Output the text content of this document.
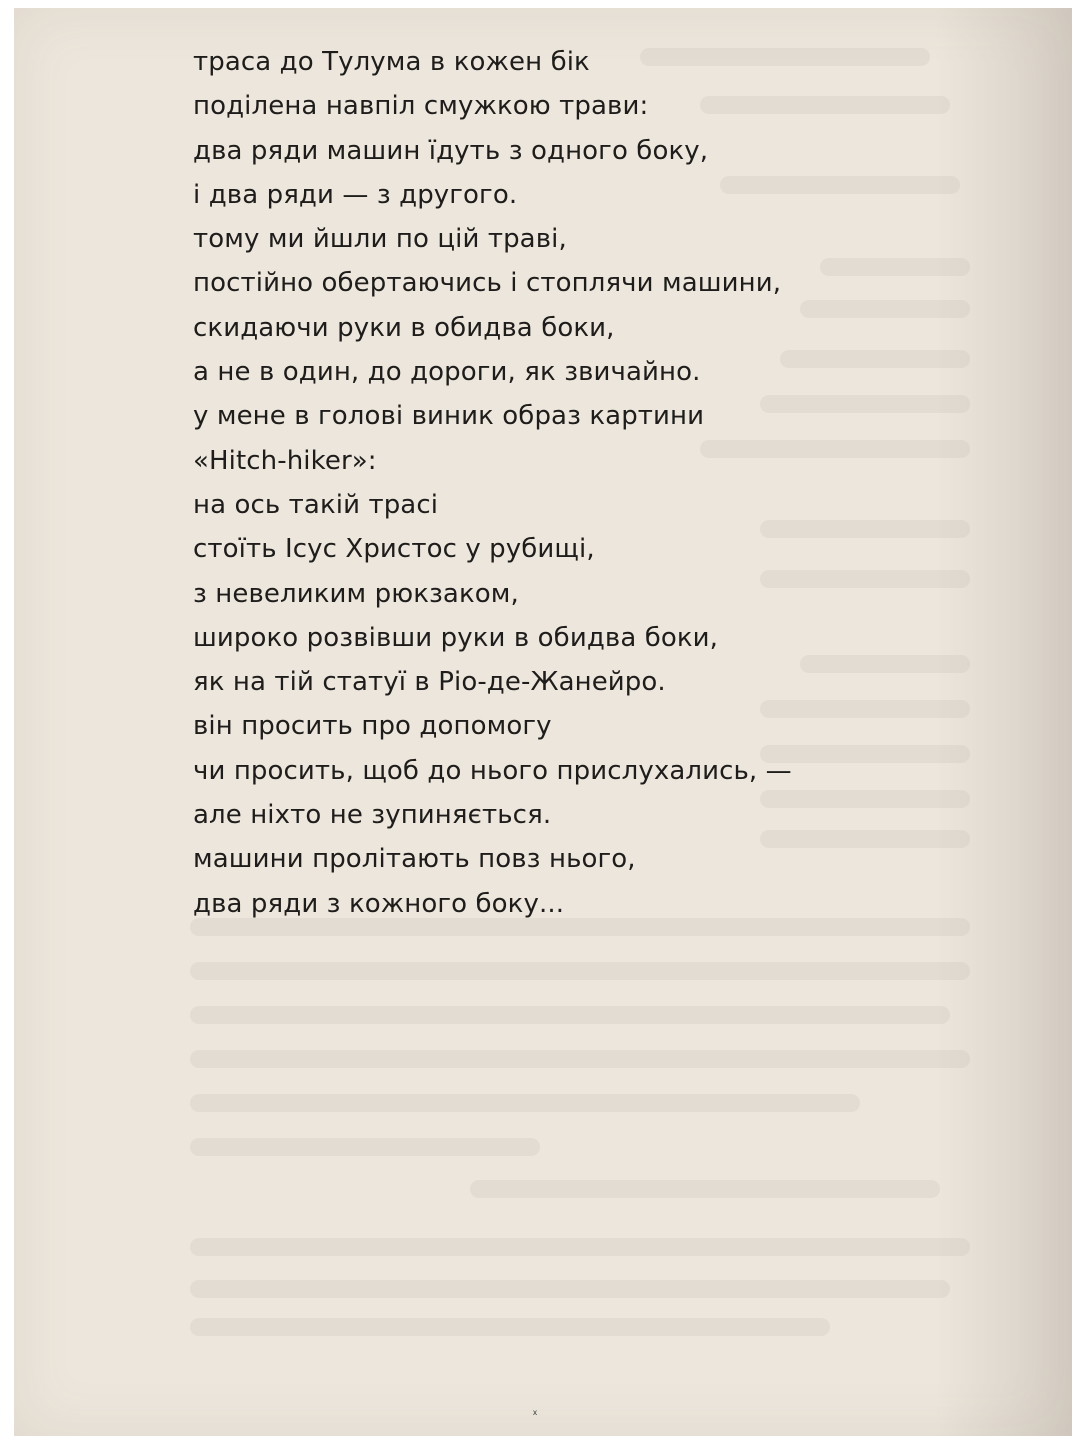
траса до Тулума в кожен бік
поділена навпіл смужкою трави:
два ряди машин їдуть з одного боку,
і два ряди — з другого.
тому ми йшли по цій траві,
постійно обертаючись і стоплячи машини,
скидаючи руки в обидва боки,
а не в один, до дороги, як звичайно.
у мене в голові виник образ картини
«Hitch-hiker»:
на ось такій трасі
стоїть Ісус Христос у рубищі,
з невеликим рюкзаком,
широко розвівши руки в обидва боки,
як на тій статуї в Ріо-де-Жанейро.
він просить про допомогу
чи просить, щоб до нього прислухались, —
але ніхто не зупиняється.
машини пролітають повз нього,
два ряди з кожного боку...
